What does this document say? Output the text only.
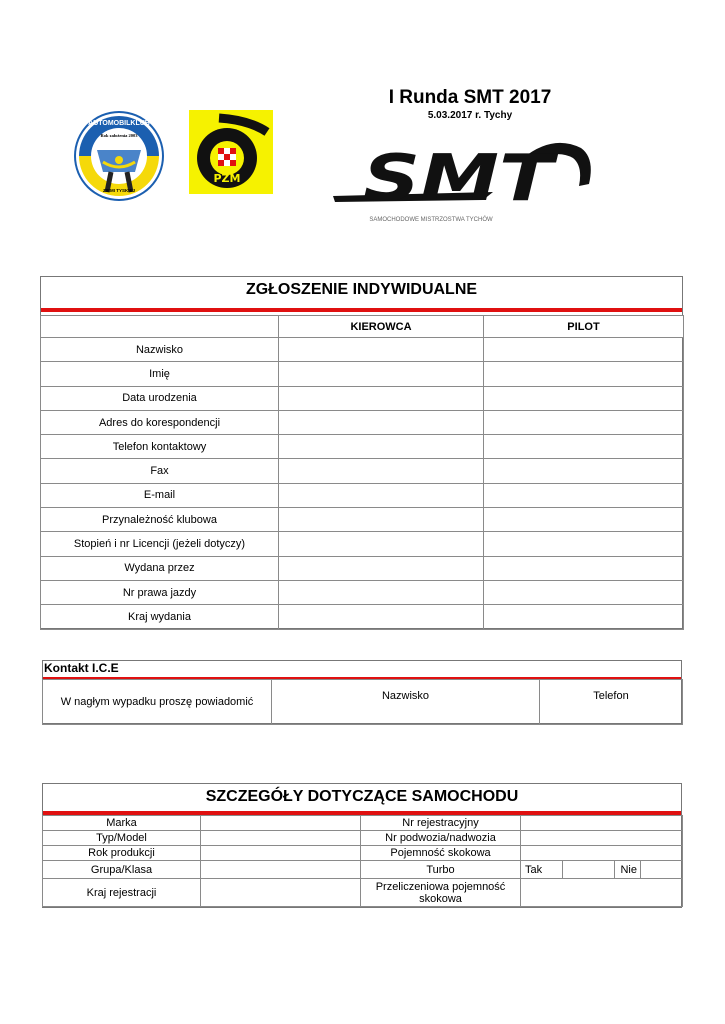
I Runda SMT 2017
5.03.2017 r. Tychy
AUTOMOBILKLUB
Rok założenia 2003
ZIEMI TYSKIEJ
PZM SMT
SAMOCHODOWE MISTRZOSTWA TYCHÓW
ZGŁOSZENIE INDYWIDUALNE
	KIEROWCA	PILOT
Nazwisko		
Imię		
Data urodzenia		
Adres do korespondencji		
Telefon kontaktowy		
Fax		
E-mail		
Przynależność klubowa		
Stopień i nr Licencji (jeżeli dotyczy)		
Wydana przez		
Nr prawa jazdy		
Kraj wydania		
Kontakt I.C.E
W nagłym wypadku proszę powiadomić	Nazwisko	Telefon
SZCZEGÓŁY DOTYCZĄCE SAMOCHODU
Marka		Nr rejestracyjny				
Typ/Model		Nr podwozia/nadwozia				
Rok produkcji		Pojemność skokowa				
Grupa/Klasa		Turbo	Tak		Nie	
Kraj rejestracji		Przeliczeniowa pojemność skokowa				
